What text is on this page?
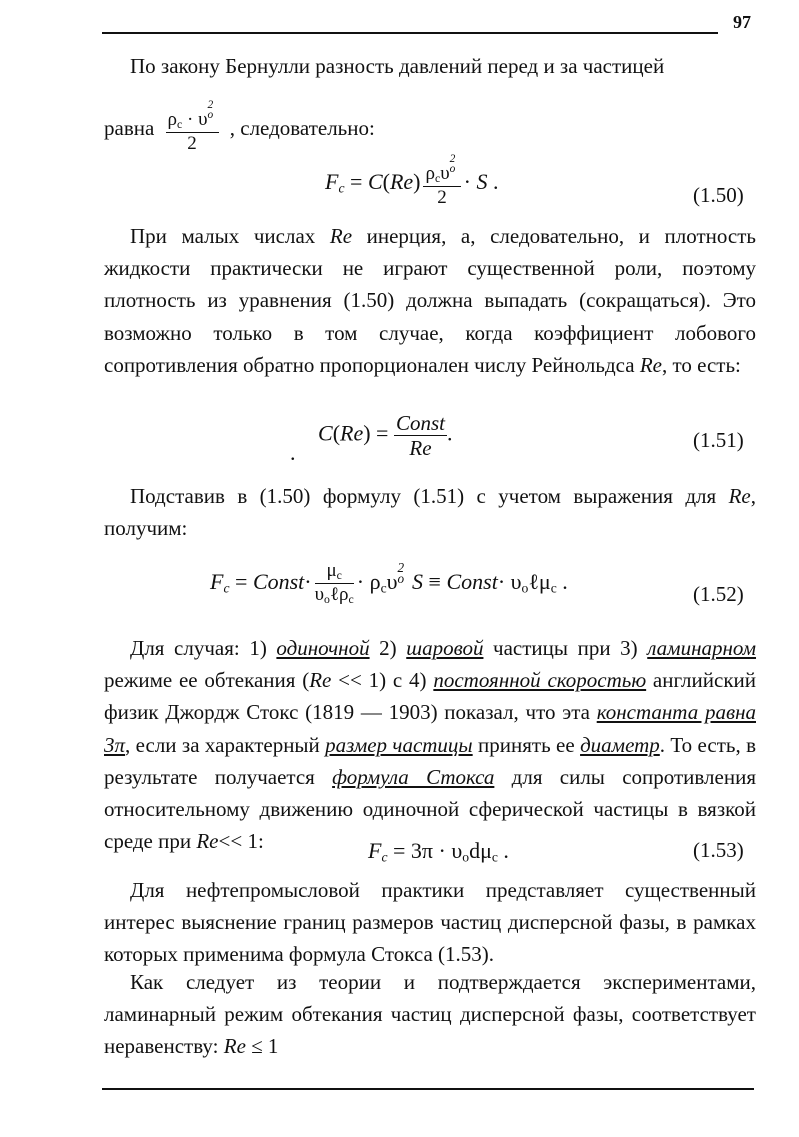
97
По закону Бернулли разность давлений перед и за частицей
равна $\rho_c \cdot \upsilon$
2
o
2 , следовательно:
$F_c = C(Re)$ $\rho_c\upsilon$
2
o
2 · S .
(1.50)
При малых числах Re инерция, а, следовательно, и плотность жидкости практически не играют существенной роли, поэтому плотность из уравнения (1.50) должна выпадать (сокращаться). Это возможно только в том случае, когда коэффициент лобового сопротивления обратно пропорционален числу Рейнольдса Re, то есть:
.
$C(Re) = \frac{\text{Const}}{Re}$ .	(1.51)
Подставив в (1.50) формулу (1.51) с учетом выражения для Re, получим:
$F_c$ = Const· $\frac{\mu_c}{\upsilon_o\ell\rho_c} \cdot \rho_c\upsilon$
2
o S ≡ Const· $\upsilon_o\ell\mu_c$ .
(1.52)
Для случая: 1) одиночной 2) шаровой частицы при 3) ламинарном режиме ее обтекания (Re << 1) с 4) постоянной скоростью английский физик Джордж Стокс (1819 — 1903) показал, что эта константа равна 3π, если за характерный размер частицы принять ее диаметр. То есть, в результате получается формула Стокса для силы сопротивления относительному движению одиночной сферической частицы в вязкой среде при Re<< 1:	$F_c = 3\pi \cdot \upsilon_od\mu_c$ .	(1.53)
Для нефтепромысловой практики представляет существенный интерес выяснение границ размеров частиц дисперсной фазы, в рамках которых применима формула Стокса (1.53).
Как следует из теории и подтверждается экспериментами, ламинарный режим обтекания частиц дисперсной фазы, соответствует неравенству: Re ≤ 1
